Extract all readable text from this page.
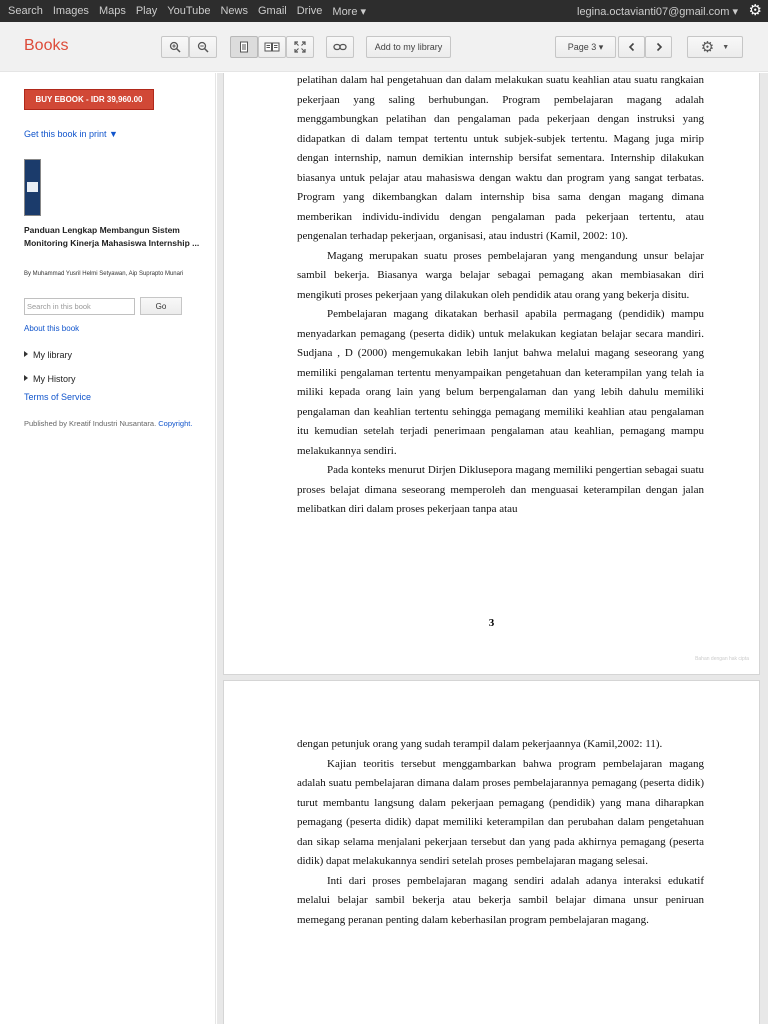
Search Images Maps Play YouTube News Gmail Drive More ▾	legina.octavianti07@gmail.com ▾ ⚙
Books	Add to my library	Page 3 ▾	⚙ ▼
BUY EBOOK - IDR 39,960.00
Get this book in print ▼
Panduan Lengkap Membangun Sistem Monitoring Kinerja Mahasiswa Internship ...
By Muhammad Yusril Helmi Setyawan, Aip Suprapto Munari
Search in this book	Go
About this book
My library
My History
Terms of Service
Published by Kreatif Industri Nusantara. Copyright.

pelatihan dalam hal pengetahuan dan dalam melakukan suatu keahlian atau suatu rangkaian pekerjaan yang saling berhubungan. Program pembelajaran magang adalah menggambungkan pelatihan dan pengalaman pada pekerjaan dengan instruksi yang didapatkan di dalam tempat tertentu untuk subjek-subjek tertentu. Magang juga mirip dengan internship, namun demikian internship bersifat sementara. Internship dilakukan biasanya untuk pelajar atau mahasiswa dengan waktu dan program yang sangat terbatas. Program yang dikembangkan dalam internship bisa sama dengan magang dimana memberikan individu-individu dengan pengalaman pada pekerjaan tertentu, atau pengenalan terhadap pekerjaan, organisasi, atau industri (Kamil, 2002: 10).

Magang merupakan suatu proses pembelajaran yang mengandung unsur belajar sambil bekerja. Biasanya warga belajar sebagai pemagang akan membiasakan diri mengikuti proses pekerjaan yang dilakukan oleh pendidik atau orang yang bekerja disitu.

Pembelajaran magang dikatakan berhasil apabila permagang (pendidik) mampu menyadarkan pemagang (peserta didik) untuk melakukan kegiatan belajar secara mandiri. Sudjana , D (2000) mengemukakan lebih lanjut bahwa melalui magang seseorang yang memiliki pengalaman tertentu menyampaikan pengetahuan dan keterampilan yang telah ia miliki kepada orang lain yang belum berpengalaman dan yang lebih dahulu memiliki pengalaman dan keahlian tertentu sehingga pemagang memiliki keahlian atau pengalaman itu kemudian setelah terjadi penerimaan pengalaman atau keahlian, pemagang mampu melakukannya sendiri.

Pada konteks menurut Dirjen Diklusepora magang memiliki pengertian sebagai suatu proses belajat dimana seseorang memperoleh dan menguasai keterampilan dengan jalan melibatkan diri dalam proses pekerjaan tanpa atau

3
Bahan dengan hak cipta

dengan petunjuk orang yang sudah terampil dalam pekerjaannya (Kamil,2002: 11).

Kajian teoritis tersebut menggambarkan bahwa program pembelajaran magang adalah suatu pembelajaran dimana dalam proses pembelajarannya pemagang (peserta didik) turut membantu langsung dalam pekerjaan pemagang (pendidik) yang mana diharapkan pemagang (peserta didik) dapat memiliki keterampilan dan perubahan dalam pengetahuan dan sikap selama menjalani pekerjaan tersebut dan yang pada akhirnya pemagang (peserta didik) dapat melakukannya sendiri setelah proses pembelajaran magang selesai.

Inti dari proses pembelajaran magang sendiri adalah adanya interaksi edukatif melalui belajar sambil bekerja atau bekerja sambil belajar dimana unsur peniruan memegang peranan penting dalam keberhasilan program pembelajaran magang.
